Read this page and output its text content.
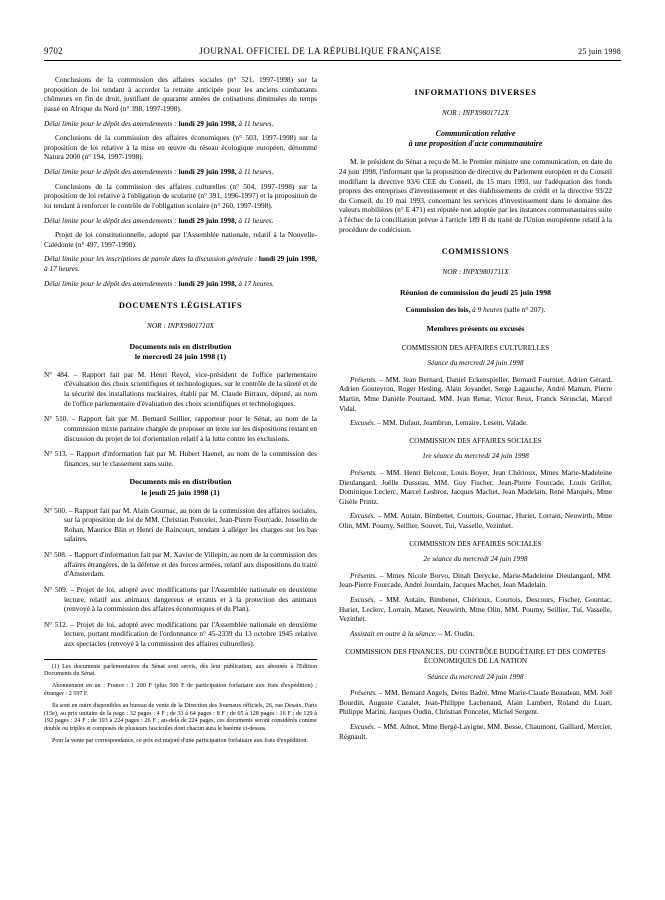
9702	JOURNAL OFFICIEL DE LA RÉPUBLIQUE FRANÇAISE	25 juin 1998

Conclusions de la commission des affaires sociales (n° 521, 1997-1998) sur la proposition de loi tendant à accorder la retraite anticipée pour les anciens combattants chômeurs en fin de droit, justifiant de quarante années de cotisations diminuées du temps passé en Afrique du Nord (n° 398, 1997-1998).

Délai limite pour le dépôt des amendements : lundi 29 juin 1998, à 11 heures.

Conclusions de la commission des affaires économiques (n° 503, 1997-1998) sur la proposition de loi relative à la mise en œuvre du réseau écologique européen, dénommé Natura 2000 (n° 194, 1997-1998).

Délai limite pour le dépôt des amendements : lundi 29 juin 1998, à 11 heures.

Conclusions de la commission des affaires culturelles (n° 504, 1997-1998) sur la proposition de loi relative à l'obligation de scolarité (n° 391, 1996-1997) et la proposition de loi tendant à renforcer le contrôle de l'obligation scolaire (n° 260, 1997-1998).

Délai limite pour le dépôt des amendements : lundi 29 juin 1998, à 11 heures.

Projet de loi constitutionnelle, adopté par l'Assemblée nationale, relatif à la Nouvelle-Calédonie (n° 497, 1997-1998).

Délai limite pour les inscriptions de parole dans la discussion générale : lundi 29 juin 1998, à 17 heures.

Délai limite pour le dépôt des amendements : lundi 29 juin 1998, à 17 heures.

DOCUMENTS LÉGISLATIFS
NOR : INPX9801710X
Documents mis en distribution
le mercredi 24 juin 1998 (1)
N° 484. – Rapport fait par M. Henri Revol, vice-président de l'office parlementaire d'évaluation des choix scientifiques et technologiques, sur le contrôle de la sûreté et de la sécurité des installations nucléaires, établi par M. Claude Birraux, député, au nom de l'office parlementaire d'évaluation des choix scientifiques et technologiques.
N° 510. – Rapport fait par M. Bernard Seillier, rapporteur pour le Sénat, au nom de la commission mixte paritaire chargée de proposer un texte sur les dispositions restant en discussion du projet de loi d'orientation relatif à la lutte contre les exclusions.
N° 513. – Rapport d'information fait par M. Hubert Haenel, au nom de la commission des finances, sur le classement sans suite.
Documents mis en distribution
le jeudi 25 juin 1998 (1)
N° 500. – Rapport fait par M. Alain Gournac, au nom de la commission des affaires sociales, sur la proposition de loi de MM. Christian Poncelet, Jean-Pierre Fourcade, Josselin de Rohan, Maurice Blin et Henri de Raincourt, tendant à alléger les charges sur les bas salaires.
N° 508. – Rapport d'information fait par M. Xavier de Villepin, au nom de la commission des affaires étrangères, de la défense et des forces armées, relatif aux dispositions du traité d'Amsterdam.
N° 509. – Projet de loi, adopté avec modifications par l'Assemblée nationale en deuxième lecture, relatif aux animaux dangereux et errants et à la protection des animaux (renvoyé à la commission des affaires économiques et du Plan).
N° 512. – Projet de loi, adopté avec modifications par l'Assemblée nationale en deuxième lecture, portant modification de l'ordonnance n° 45-2339 du 13 octobre 1945 relative aux spectacles (renvoyé à la commission des affaires culturelles).

(1) Les documents parlementaires du Sénat sont servis, dès leur publication, aux abonnés à l'Edition Documents du Sénat.

Abonnement en un : France : 1 200 F (plus 506 F de participation forfaitaire aux frais d'expédition) ; étranger : 2 597 F.

Ils sont en outre disponibles au bureau de vente de la Direction des Journaux officiels, 26, rue Desaix, Paris (15e), au prix unitaire de la page : 32 pages : 4 F ; de 33 à 64 pages : 8 F ; de 65 à 128 pages : 16 F ; de 129 à 192 pages : 24 F ; de 193 à 224 pages : 26 F ; au-delà de 224 pages, ces documents seront considérés comme double ou triples et composés de plusieurs fascicules dont chacun aura le barème ci-dessus.

Pour la vente par correspondance, ce prix est majoré d'une participation forfaitaire aux frais d'expédition.

INFORMATIONS DIVERSES
NOR : INPX9801712X
Communication relative
à une proposition d'acte communautaire

M. le président du Sénat a reçu de M. le Premier ministre une communication, en date du 24 juin 1998, l'informant que la proposition de directive du Parlement européen et du Conseil modifiant la directive 93/6 CEE du Conseil, du 15 mars 1993, sur l'adéquation des fonds propres des entreprises d'investissement et des établissements de crédit et la directive 93/22 du Conseil, du 10 mai 1993, concernant les services d'investissement dans le domaine des valeurs mobilières (n° E 471) est réputée non adoptée par les instances communautaires suite à l'échec de la conciliation prévue à l'article 189 B du traité de l'Union européenne relatif à la procédure de codécision.

COMMISSIONS
NOR : INPX9801711X
Réunion de commission du jeudi 25 juin 1998

Commission des lois, à 9 heures (salle n° 207).

Membres présents ou excusés
COMMISSION DES AFFAIRES CULTURELLES
Séance du mercredi 24 juin 1998

Présents. – MM. Jean Bernard, Daniel Eckenspieller, Bernard Fournier, Adrien Gérard, Adrien Gouteyron, Roger Hesling, Alain Joyandet, Serge Lagauche, André Maman, Pierre Martin, Mme Danièle Pourtaud, MM. Ivan Renar, Victor Reux, Franck Sérusclat, Marcel Vidal.

Excusés. – MM. Dufaut, Jeambrun, Lemaire, Lesein, Valade.

COMMISSION DES AFFAIRES SOCIALES
1re séance du mercredi 24 juin 1998

Présents. – MM. Henri Belcour, Louis Boyer, Jean Chérioux, Mmes Marie-Madeleine Dieulangard, Joëlle Dusseau, MM. Guy Fischer, Jean-Pierre Fourcade, Louis Grillot, Dominique Leclerc, Marcel Lesbros, Jacques Machet, Jean Madelain, René Marquès, Mme Gisèle Printz.

Excusés. – MM. Autain, Bimbenet, Courtois, Gournac, Huriet, Lorrain, Neuwirth, Mme Olin, MM. Pourny, Seillier, Souvet, Tuí, Vasselle, Vezinhet.

COMMISSION DES AFFAIRES SOCIALES
2e séance du mercredi 24 juin 1998

Présents. – Mmes Nicole Borvo, Dinah Derycke, Marie-Madeleine Dieulangard, MM. Jean-Pierre Fourcade, André Jourdain, Jacques Machet, Jean Madelain.

Excusés. – MM. Autain, Bimbenet, Chérioux, Courtois, Descours, Fischer, Gournac, Huriet, Leclerc, Lorrain, Manet, Neuwirth, Mme Olin, MM. Pourny, Seillier, Tuí, Vasselle, Vezinhet.

Assistait en outre à la séance. – M. Oudin.

COMMISSION DES FINANCES, DU CONTRÔLE BUDGÉTAIRE ET DES COMPTES ÉCONOMIQUES DE LA NATION
Séance du mercredi 24 juin 1998

Présents. – MM. Bernard Angels, Denis Badré, Mme Marie-Claude Beaudeau, MM. Joël Bourdin, Auguste Cazalet, Jean-Philippe Lachenaud, Alain Lambert, Roland du Luart, Philippe Marini, Jacques Oudin, Christian Poncelet, Michel Sergent.

Excusés. – MM. Adnot, Mme Bergé-Lavigne, MM. Besse, Chaumont, Gaillard, Mercier, Régnault.
